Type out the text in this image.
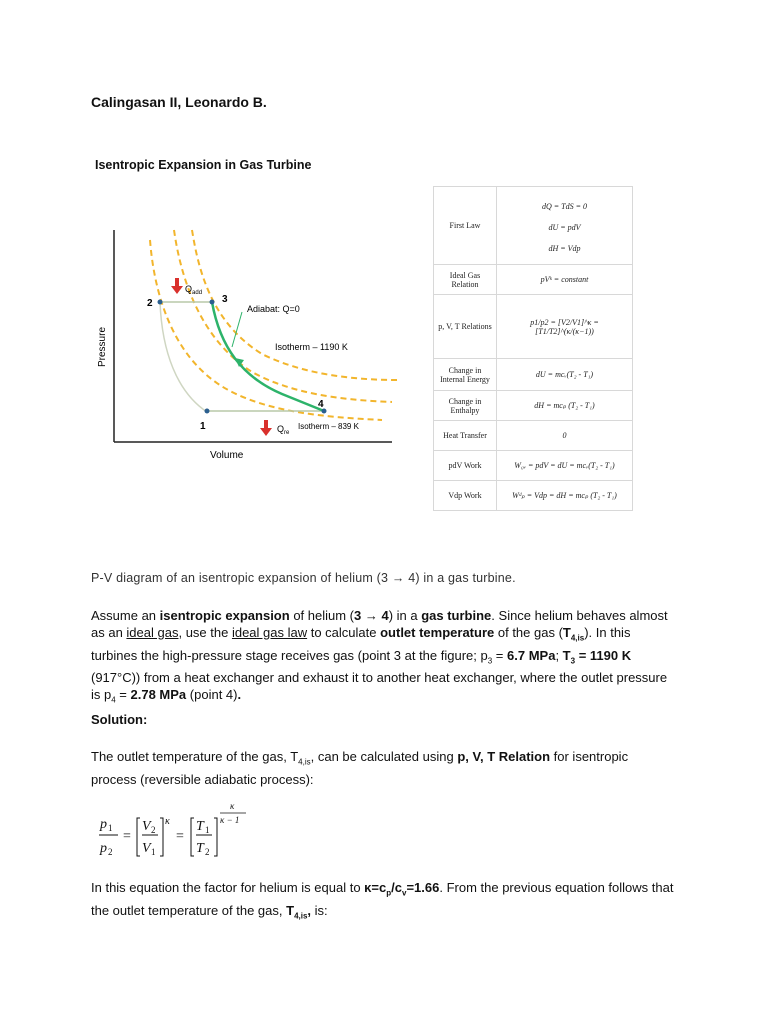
Calingasan II, Leonardo B.
Isentropic Expansion in Gas Turbine
Pressure
Volume
2	3
1
4
$Q_{add}$
$Q_{re}$
Adiabat: Q=0
Isotherm – 1190 K
Isotherm – 839 K
First Law	dQ = TdS = 0
dU = pdV
dH = Vdp

Ideal Gas Relation	pVᵏ = constant
p, V, T Relations	p1/p2 = [V2/V1]^κ = [T1/T2]^(κ/(κ−1))
Change in Internal Energy	dU = mcᵥ(T₂ - T₁)
Change in Enthalpy	dH = mcₚ (T₂ - T₁)
Heat Transfer	0
pdV Work	W₀ᵥ = pdV = dU = mcᵥ(T₂ - T₁)
Vdp Work	Wᵈₚ = Vdp = dH = mcₚ (T₂ - T₁)
P-V diagram of an isentropic expansion of helium (3 → 4) in a gas turbine.
Assume an isentropic expansion of helium (3 → 4) in a gas turbine. Since helium behaves almost as an ideal gas, use the ideal gas law to calculate outlet temperature of the gas $(T_{4,is})$. In this turbines the high-pressure stage receives gas (point 3 at the figure; $p_3 = 6.7$ MPa; $T_3 = 1190$ K (917°C)) from a heat exchanger and exhaust it to another heat exchanger, where the outlet pressure is $p_4 = 2.78$ MPa (point 4).
Solution:
The outlet temperature of the gas, $T_{4,is}$, can be calculated using p, V, T Relation for isentropic process (reversible adiabatic process):
p 1
p 2
=
V 2
V 1
κ
=
T 1
T 2
κ
κ − 1
In this equation the factor for helium is equal to $\kappa=c_p/c_v=1.66$. From the previous equation follows that the outlet temperature of the gas, $T_{4,is}$, is:
